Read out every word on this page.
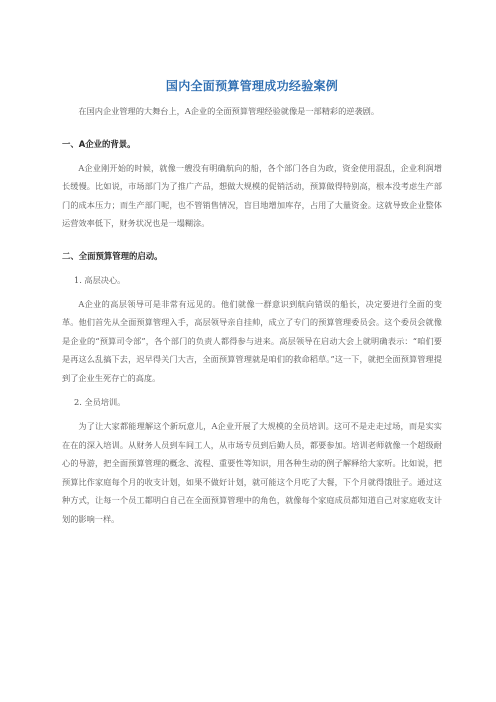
国内全面预算管理成功经验案例

在国内企业管理的大舞台上，A企业的全面预算管理经验就像是一部精彩的逆袭剧。

一、A企业的背景。

A企业刚开始的时候，就像一艘没有明确航向的船，各个部门各自为政，资金使用混乱，企业利润增长缓慢。比如说，市场部门为了推广产品，想做大规模的促销活动，预算做得特别高，根本没考虑生产部门的成本压力；而生产部门呢，也不管销售情况，盲目地增加库存，占用了大量资金。这就导致企业整体运营效率低下，财务状况也是一塌糊涂。

二、全面预算管理的启动。

1. 高层决心。

A企业的高层领导可是非常有远见的。他们就像一群意识到航向错误的船长，决定要进行全面的变革。他们首先从全面预算管理入手，高层领导亲自挂帅，成立了专门的预算管理委员会。这个委员会就像是企业的“预算司令部”，各个部门的负责人都得参与进来。高层领导在启动大会上就明确表示：“咱们要是再这么乱搞下去，迟早得关门大吉，全面预算管理就是咱们的救命稻草。”这一下，就把全面预算管理提到了企业生死存亡的高度。

2. 全员培训。

为了让大家都能理解这个新玩意儿，A企业开展了大规模的全员培训。这可不是走走过场，而是实实在在的深入培训。从财务人员到车间工人，从市场专员到后勤人员，都要参加。培训老师就像一个超级耐心的导游，把全面预算管理的概念、流程、重要性等知识，用各种生动的例子解释给大家听。比如说，把预算比作家庭每个月的收支计划，如果不做好计划，就可能这个月吃了大餐，下个月就得饿肚子。通过这种方式，让每一个员工都明白自己在全面预算管理中的角色，就像每个家庭成员都知道自己对家庭收支计划的影响一样。
